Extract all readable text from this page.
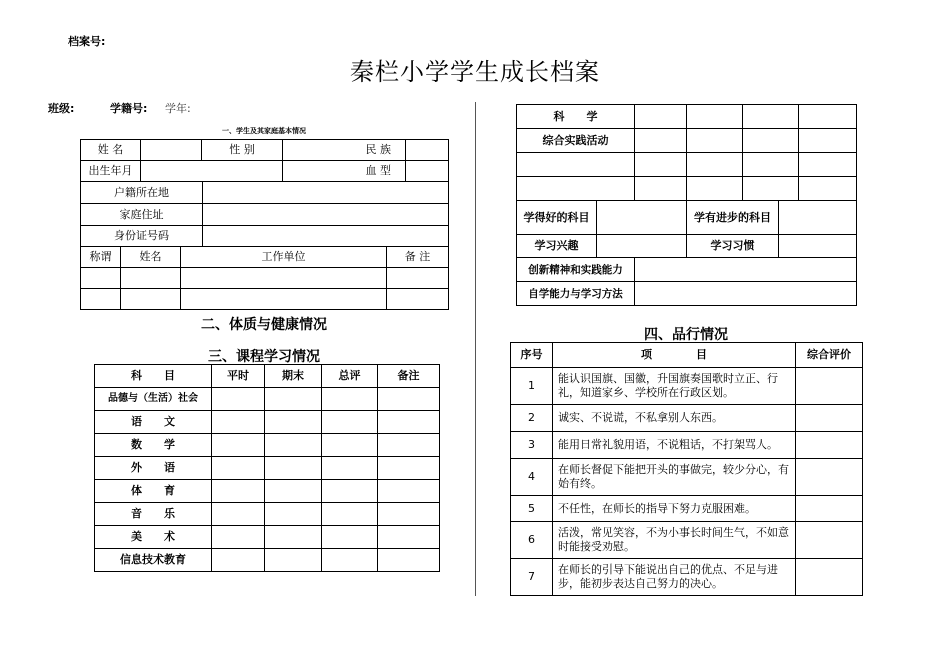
档案号:
秦栏小学学生成长档案
班级:	学籍号: 学年:
一、学生及其家庭基本情况
姓 名		性 别	民 族	
出生年月			血 型	
户籍所在地	
家庭住址	
身份证号码	
称谓	姓名	工作单位	备 注

二、体质与健康情况
三、课程学习情况
科　　目	平时	期末	总评	备注
品德与（生活）社会				
语　　文				
数　　学				
外　　语				
体　　育				
音　　乐				
美　　术				
信息技术教育				
科　　学				
综合实践活动				

学得好的科目		学有进步的科目	
学习兴趣		学习习惯	
创新精神和实践能力	
自学能力与学习方法	
四、品行情况
序号	项　　　　目	综合评价
1	能认识国旗、国徽，升国旗奏国歌时立正、行礼，知道家乡、学校所在行政区划。	
2	诚实、不说谎，不私拿别人东西。	
3	能用日常礼貌用语，不说粗话，不打架骂人。	
4	在师长督促下能把开头的事做完，较少分心，有始有终。	
5	不任性，在师长的指导下努力克服困难。	
6	活泼，常见笑容，不为小事长时间生气，不如意时能接受劝慰。	
7	在师长的引导下能说出自己的优点、不足与进步，能初步表达自己努力的决心。	
